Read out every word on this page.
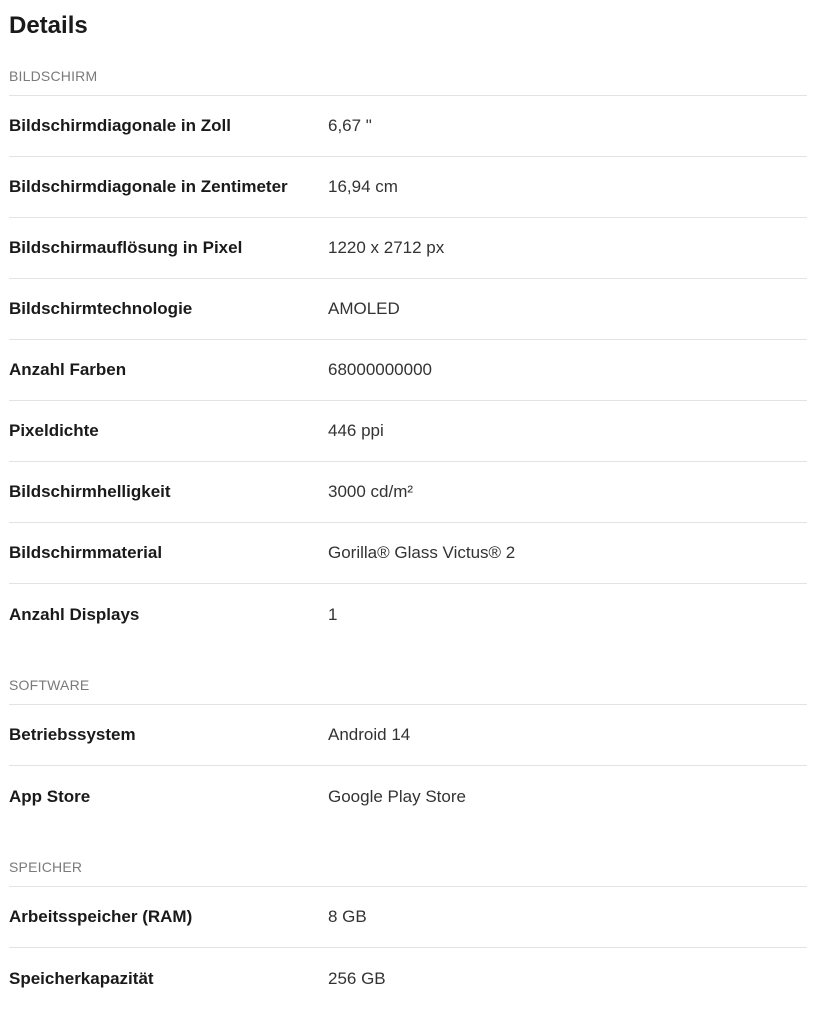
Details
BILDSCHIRM
Bildschirmdiagonale in Zoll	6,67 "
Bildschirmdiagonale in Zentimeter	16,94 cm
Bildschirmauflösung in Pixel	1220 x 2712 px
Bildschirmtechnologie	AMOLED
Anzahl Farben	68000000000
Pixeldichte	446 ppi
Bildschirmhelligkeit	3000 cd/m²
Bildschirmmaterial	Gorilla® Glass Victus® 2
Anzahl Displays	1
SOFTWARE
Betriebssystem	Android 14
App Store	Google Play Store
SPEICHER
Arbeitsspeicher (RAM)	8 GB
Speicherkapazität	256 GB
